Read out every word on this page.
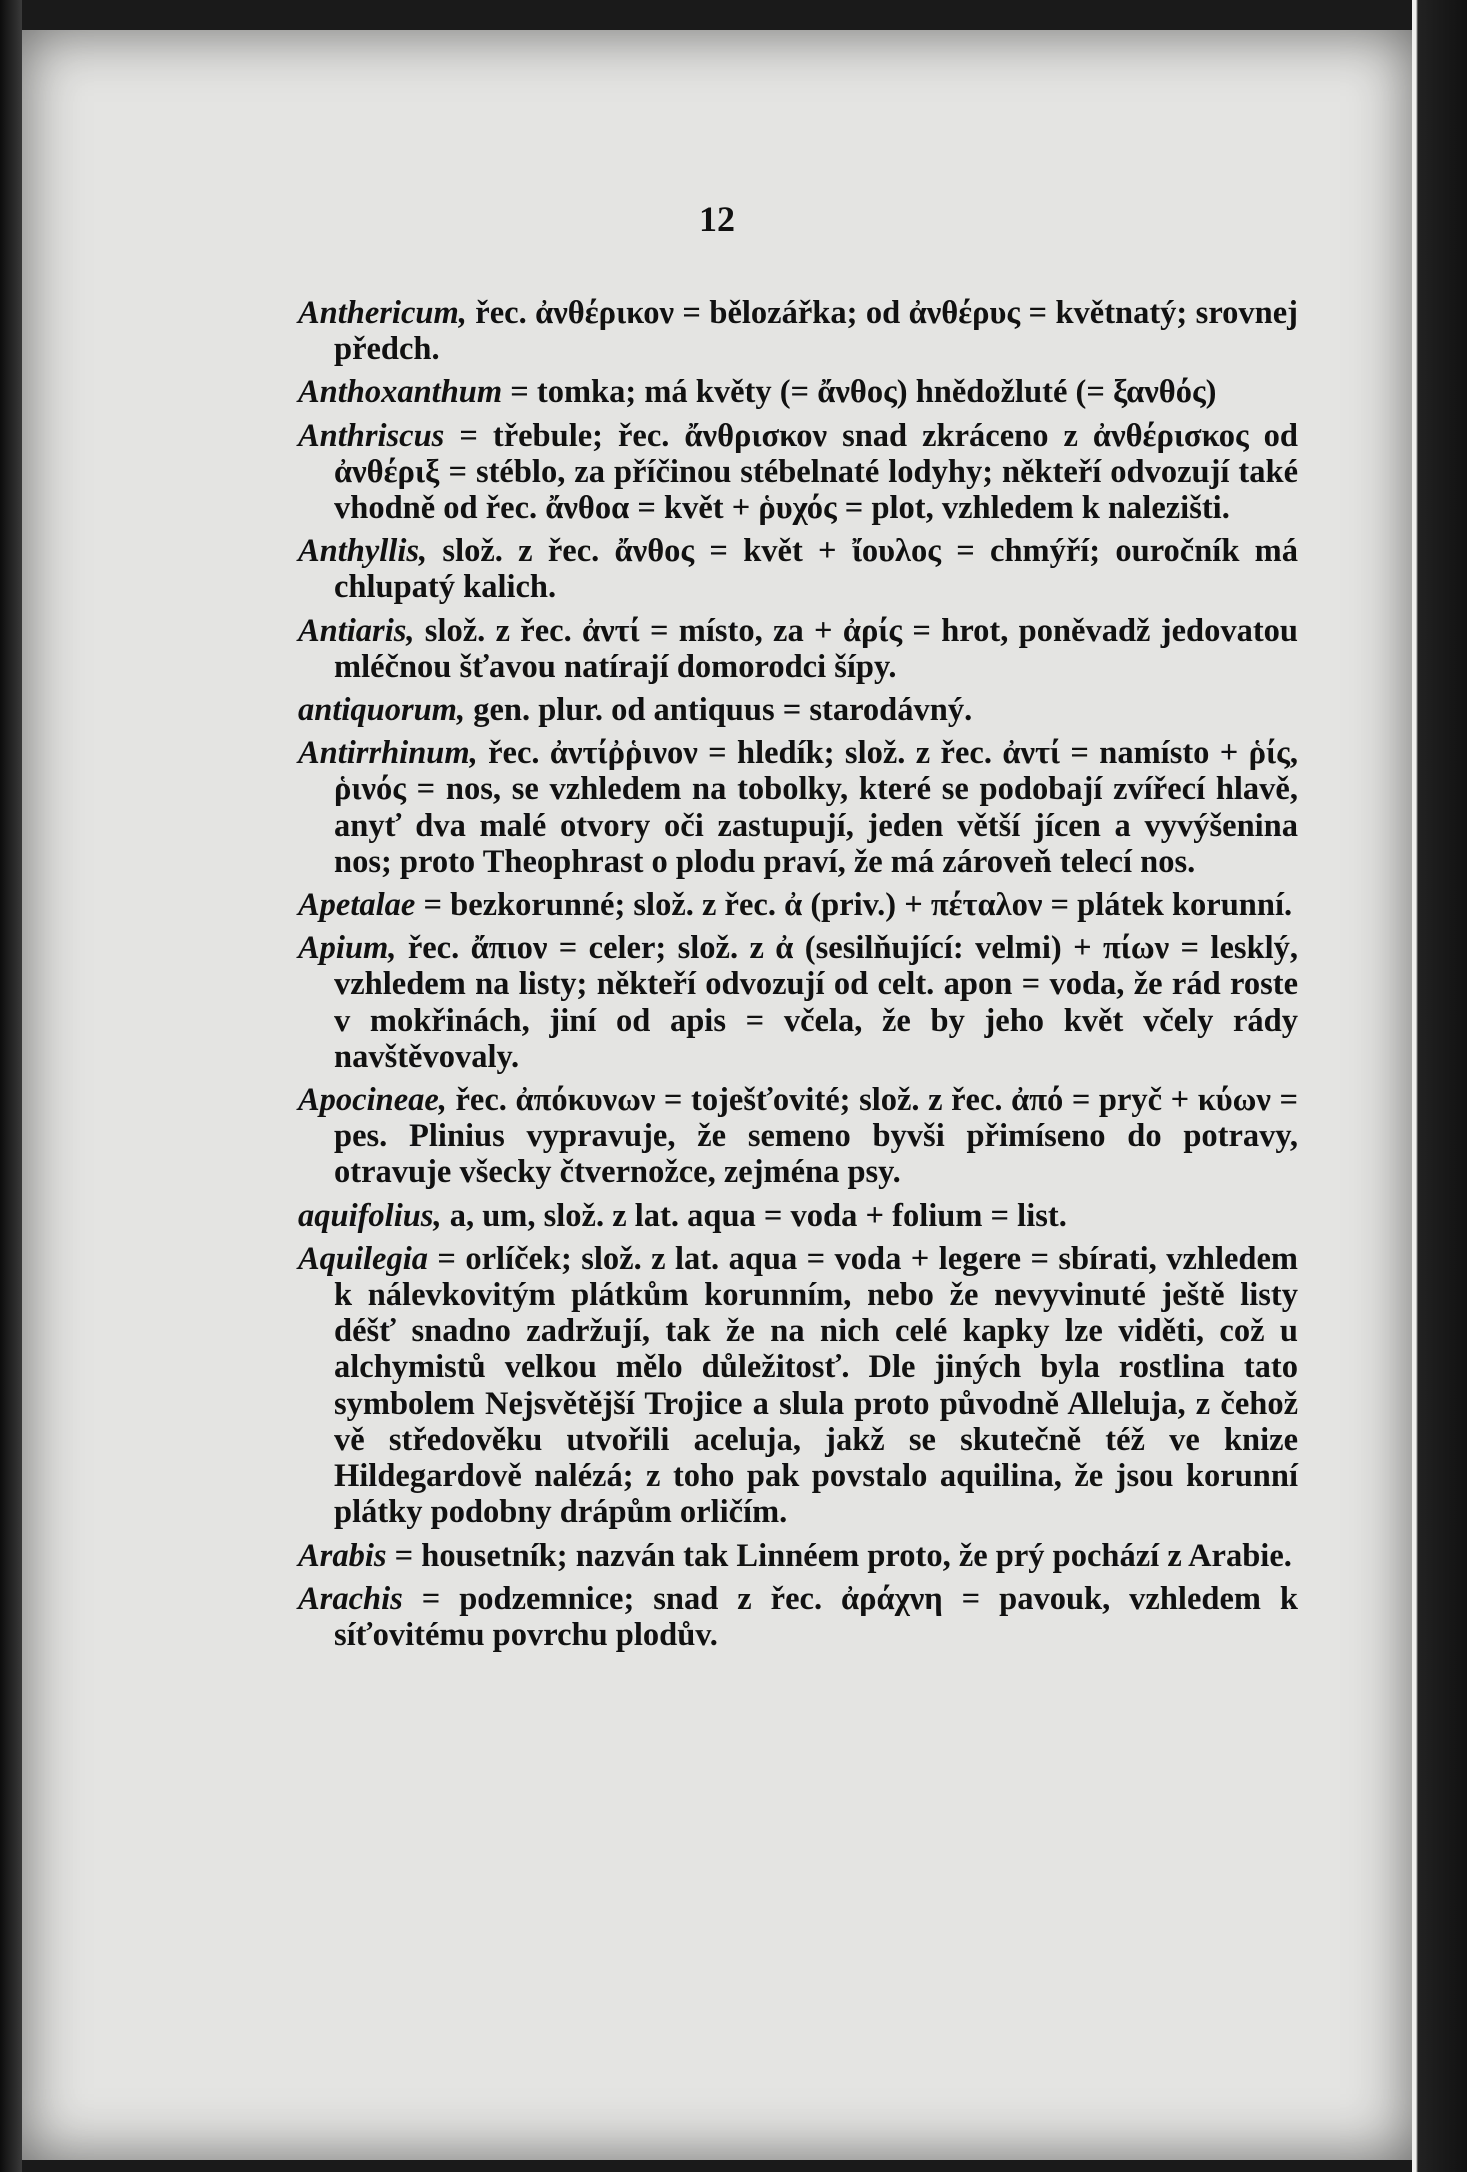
12

Anthericum, řec. ἀνθέρικον = bělozářka; od ἀνθέρυς = květnatý; srovnej předch.

Anthoxanthum = tomka; má květy (= ἄνθος) hnědožluté (= ξανθός)

Anthriscus = třebule; řec. ἄνθρισκον snad zkráceno z ἀνθέρισκος od ἀνθέριξ = stéblo, za příčinou stébelnaté lodyhy; někteří odvozují také vhodně od řec. ἄνθοα = květ + ῥυχός = plot, vzhledem k nalezišti.

Anthyllis, slož. z řec. ἄνθος = květ + ἴουλος = chmýří; ouročník má chlupatý kalich.

Antiaris, slož. z řec. ἀντί = místo, za + ἀρίς = hrot, poněvadž jedovatou mléčnou šťavou natírají domorodci šípy.

antiquorum, gen. plur. od antiquus = starodávný.

Antirrhinum, řec. ἀντίῤῥινον = hledík; slož. z řec. ἀντί = namísto + ῥίς, ῥινός = nos, se vzhledem na tobolky, které se podobají zvířecí hlavě, anyť dva malé otvory oči zastupují, jeden větší jícen a vyvýšenina nos; proto Theophrast o plodu praví, že má zároveň telecí nos.

Apetalae = bezkorunné; slož. z řec. ἀ (priv.) + πέταλον = plátek korunní.

Apium, řec. ἄπιον = celer; slož. z ἀ (sesilňující: velmi) + πίων = lesklý, vzhledem na listy; někteří odvozují od celt. apon = voda, že rád roste v mokřinách, jiní od apis = včela, že by jeho květ včely rády navštěvovaly.

Apocineae, řec. ἀπόκυνων = toješťovité; slož. z řec. ἀπό = pryč + κύων = pes. Plinius vypravuje, že semeno byvši přimíseno do potravy, otravuje všecky čtvernožce, zejména psy.

aquifolius, a, um, slož. z lat. aqua = voda + folium = list.

Aquilegia = orlíček; slož. z lat. aqua = voda + legere = sbírati, vzhledem k nálevkovitým plátkům korunním, nebo že nevyvinuté ještě listy déšť snadno zadržují, tak že na nich celé kapky lze viděti, což u alchymistů velkou mělo důležitosť. Dle jiných byla rostlina tato symbolem Nejsvětější Trojice a slula proto původně Alleluja, z čehož vě středověku utvořili aceluja, jakž se skutečně též ve knize Hildegardově nalézá; z toho pak povstalo aquilina, že jsou korunní plátky podobny drápům orličím.

Arabis = housetník; nazván tak Linnéem proto, že prý pochází z Arabie.

Arachis = podzemnice; snad z řec. ἀράχνη = pavouk, vzhledem k síťovitému povrchu plodův.
